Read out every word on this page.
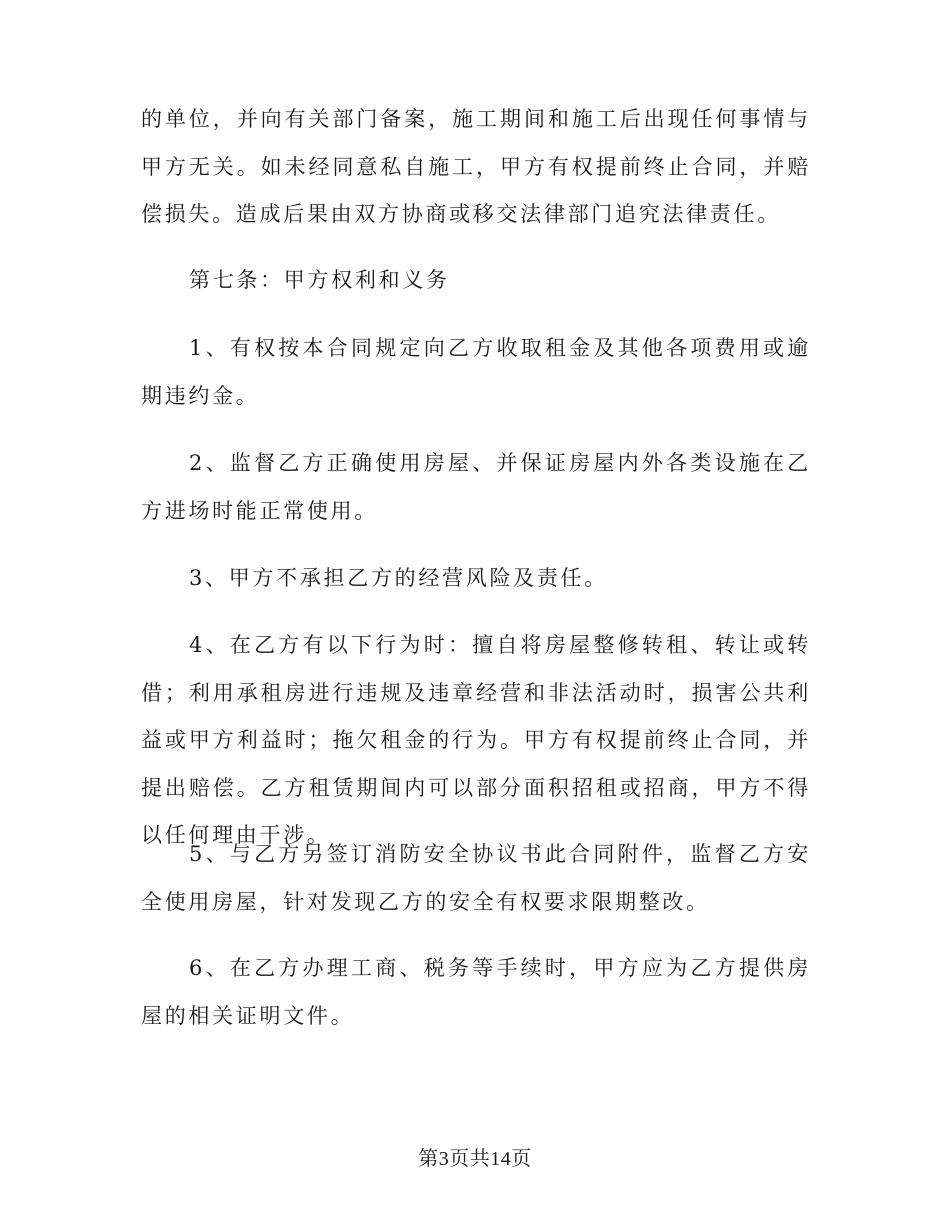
的单位，并向有关部门备案，施工期间和施工后出现任何事情与甲方无关。如未经同意私自施工，甲方有权提前终止合同，并赔偿损失。造成后果由双方协商或移交法律部门追究法律责任。

第七条：甲方权利和义务

1、有权按本合同规定向乙方收取租金及其他各项费用或逾期违约金。

2、监督乙方正确使用房屋、并保证房屋内外各类设施在乙方进场时能正常使用。

3、甲方不承担乙方的经营风险及责任。

4、在乙方有以下行为时：擅自将房屋整修转租、转让或转借；利用承租房进行违规及违章经营和非法活动时，损害公共利益或甲方利益时；拖欠租金的行为。甲方有权提前终止合同，并提出赔偿。乙方租赁期间内可以部分面积招租或招商，甲方不得以任何理由干涉。

5、与乙方另签订消防安全协议书此合同附件，监督乙方安全使用房屋，针对发现乙方的安全有权要求限期整改。

6、在乙方办理工商、税务等手续时，甲方应为乙方提供房屋的相关证明文件。

第3页共14页
